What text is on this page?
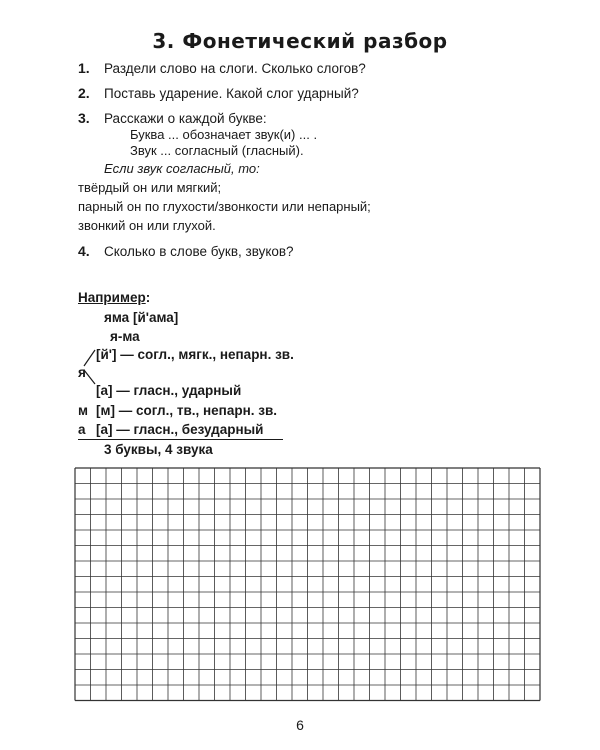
3. Фонетический разбор
1. Раздели слово на слоги. Сколько слогов?
2. Поставь ударение. Какой слог ударный?
3. Расскажи о каждой букве:
Буква ... обозначает звук(и) ... .
Звук ... согласный (гласный).
Если звук согласный, то:
твёрдый он или мягкий;
парный он по глухости/звонкости или непарный;
звонкий он или глухой.
4. Сколько в слове букв, звуков?
Например:
яма [й'ама]
я-ма
[й'] — согл., мягк., непарн. зв.
я
[а] — гласн., ударный
м [м] — согл., тв., непарн. зв.
а [а] — гласн., безударный
3 буквы, 4 звука
6
